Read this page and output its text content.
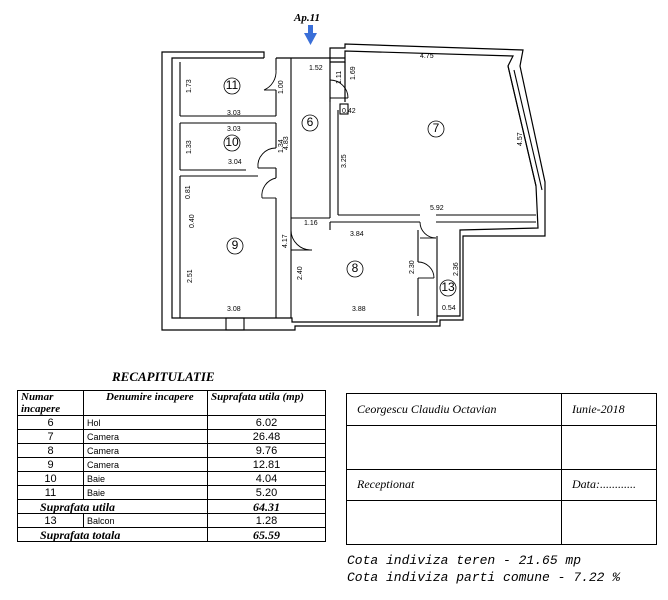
Ap.11
11
10
6	7
9
8
13
1.52
4.75
1.69
1.11
0.42
4.57
5.92
3.25
4.83
1.73
3.03
3.03
1.00
1.33	1.34
3.04
0.81
0.40
2.51
3.08
4.17
1.16
3.84
2.40
3.88
2.30	2.36
0.54
RECAPITULATIE
Numar incapere	Denumire incapere	Suprafata utila (mp)
6	Hol	6.02
7	Camera	26.48
8	Camera	9.76
9	Camera	12.81
10	Baie	4.04
11	Baie	5.20
Suprafata utila		64.31
13	Balcon	1.28
Suprafata totala		65.59
Ceorgescu Claudiu Octavian	Iunie-2018

Receptionat	Data:............

Cota indiviza teren - 21.65 mp
Cota indiviza parti comune - 7.22 %
